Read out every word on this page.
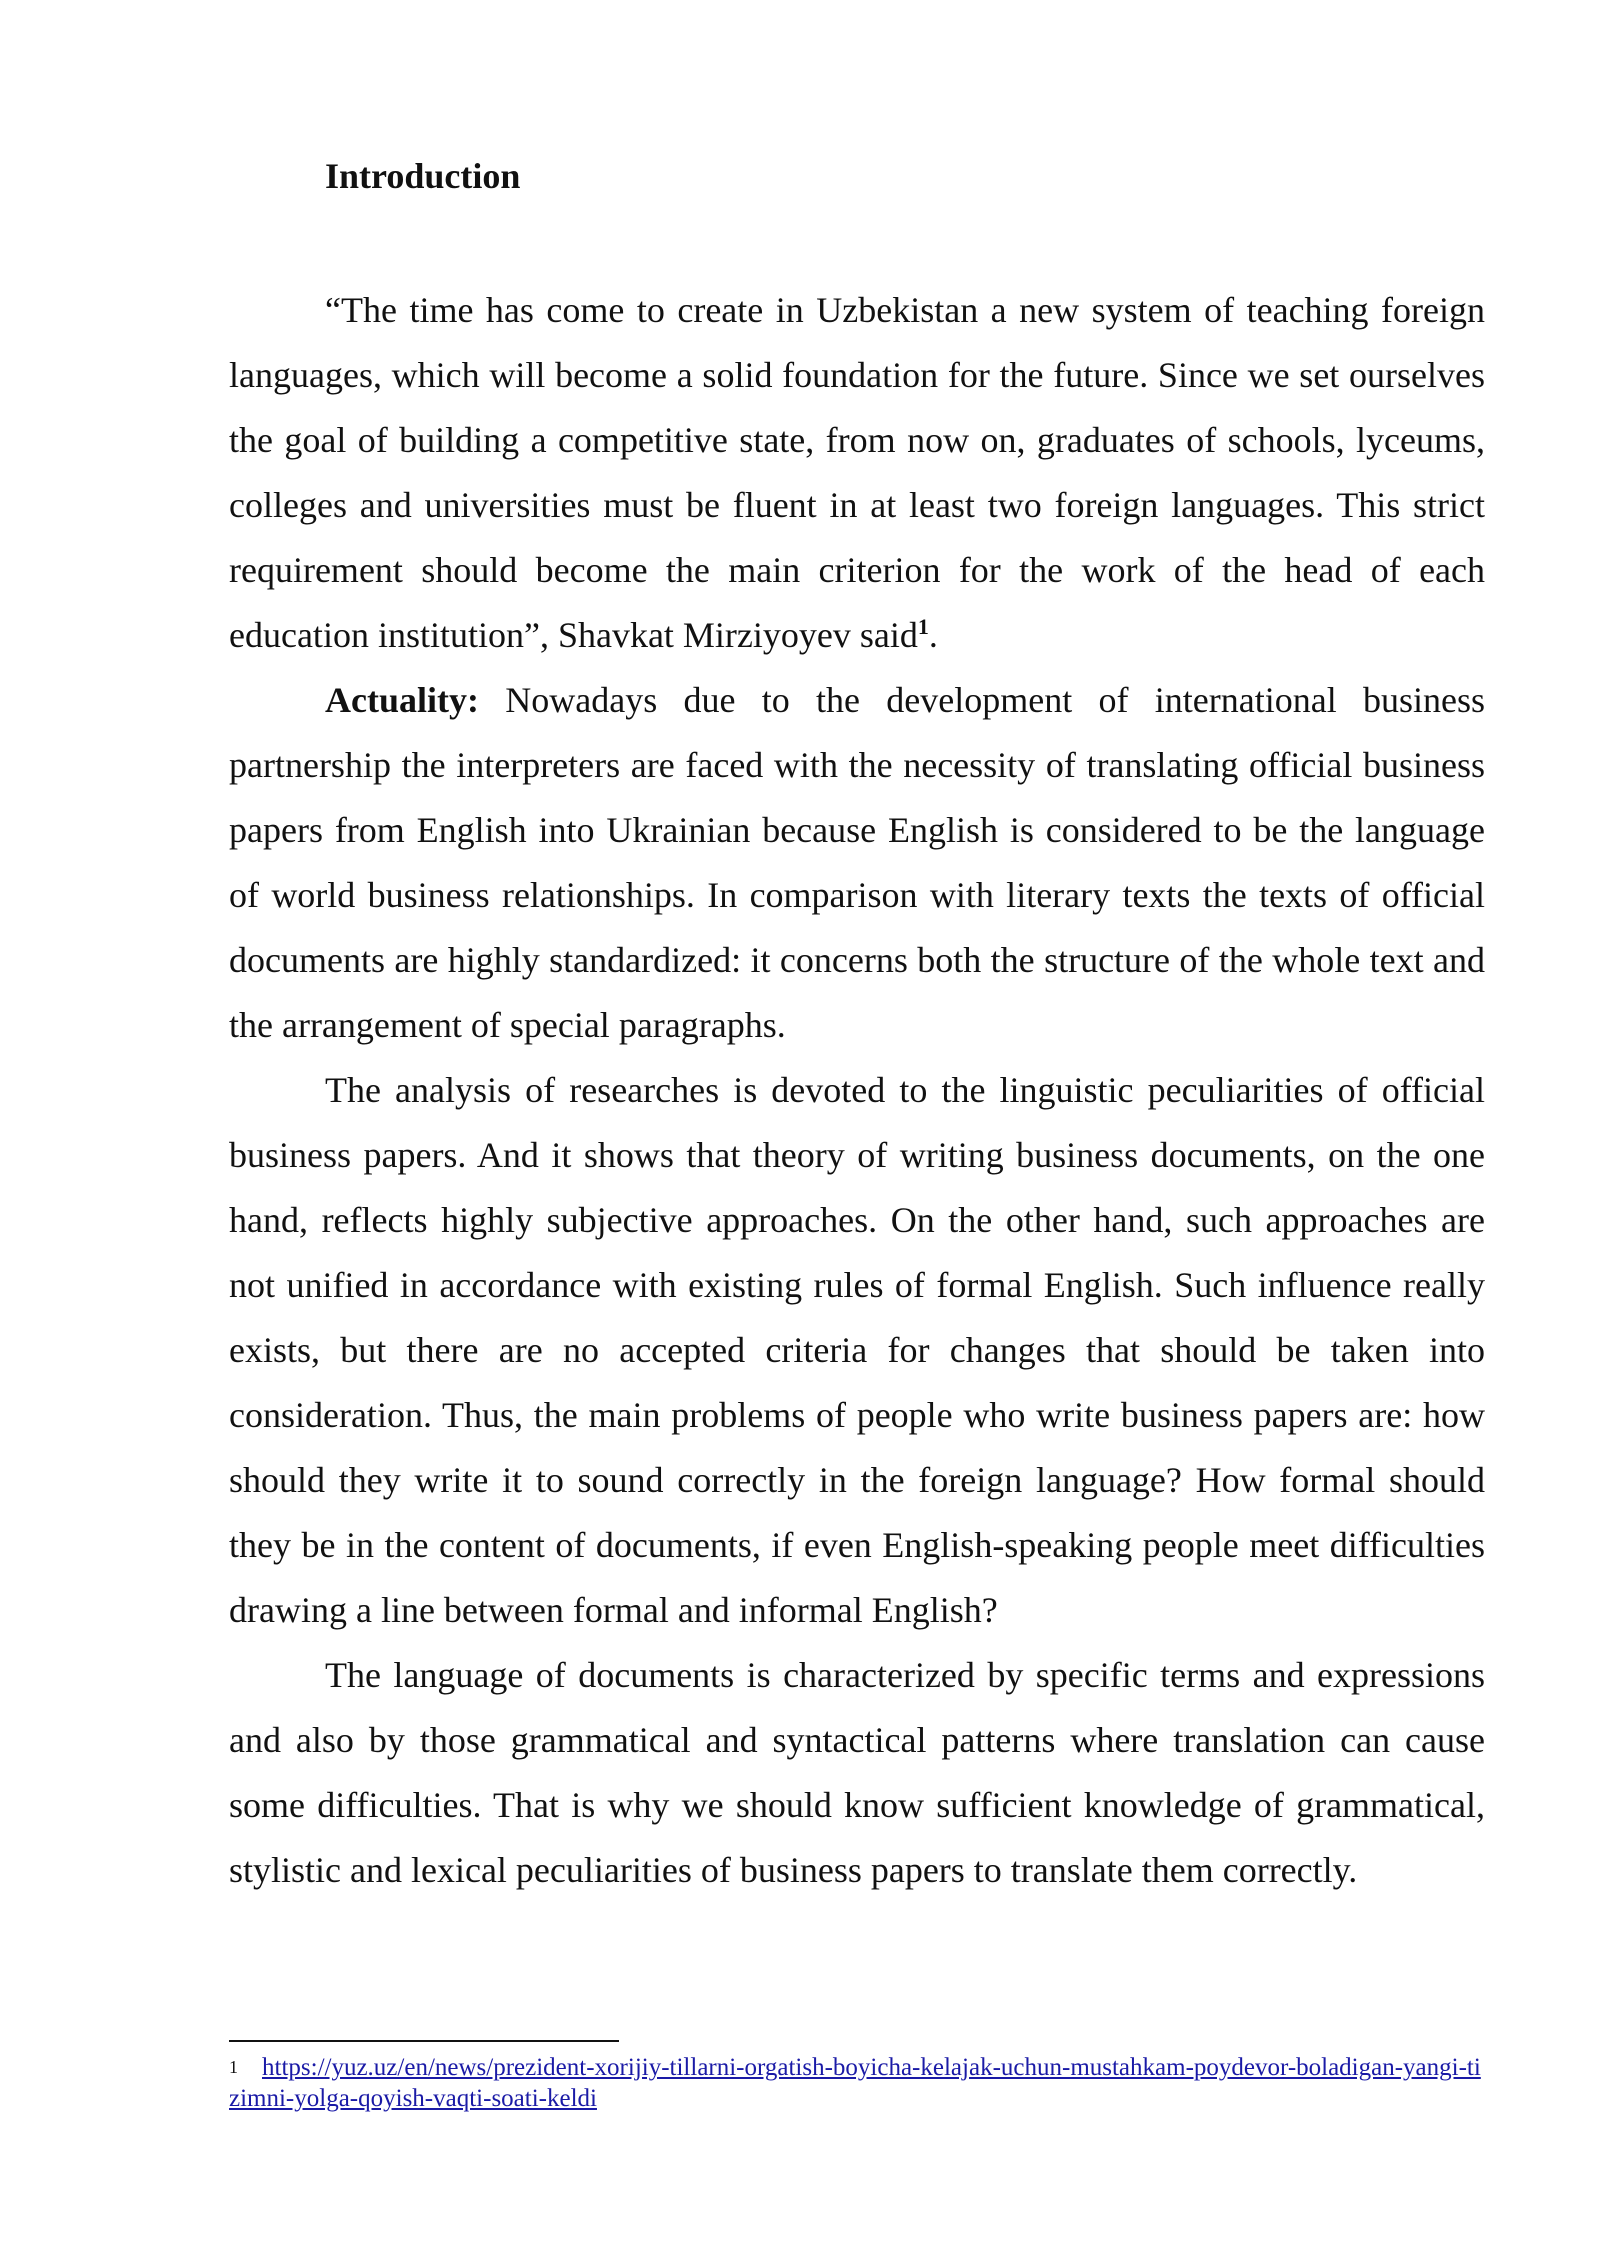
Introduction

“The time has come to create in Uzbekistan a new system of teaching foreign languages, which will become a solid foundation for the future. Since we set ourselves the goal of building a competitive state, from now on, graduates of schools, lyceums, colleges and universities must be fluent in at least two foreign languages. This strict requirement should become the main criterion for the work of the head of each education institution”, Shavkat Mirziyoyev said$^1$.

Actuality: Nowadays due to the development of international business partnership the interpreters are faced with the necessity of translating official business papers from English into Ukrainian because English is considered to be the language of world business relationships. In comparison with literary texts the texts of official documents are highly standardized: it concerns both the structure of the whole text and the arrangement of special paragraphs.

The analysis of researches is devoted to the linguistic peculiarities of official business papers. And it shows that theory of writing business documents, on the one hand, reflects highly subjective approaches. On the other hand, such approaches are not unified in accordance with existing rules of formal English. Such influence really exists, but there are no accepted criteria for changes that should be taken into consideration. Thus, the main problems of people who write business papers are: how should they write it to sound correctly in the foreign language? How formal should they be in the content of documents, if even English-speaking people meet difficulties drawing a line between formal and informal English?

The language of documents is characterized by specific terms and expressions and also by those grammatical and syntactical patterns where translation can cause some difficulties. That is why we should know sufficient knowledge of grammatical, stylistic and lexical peculiarities of business papers to translate them correctly.

$^1$ https://yuz.uz/en/news/prezident-xorijiy-tillarni-orgatish-boyicha-kelajak-uchun-mustahkam-poydevor-boladigan-yangi-tizimni-yolga-qoyish-vaqti-soati-keldi
